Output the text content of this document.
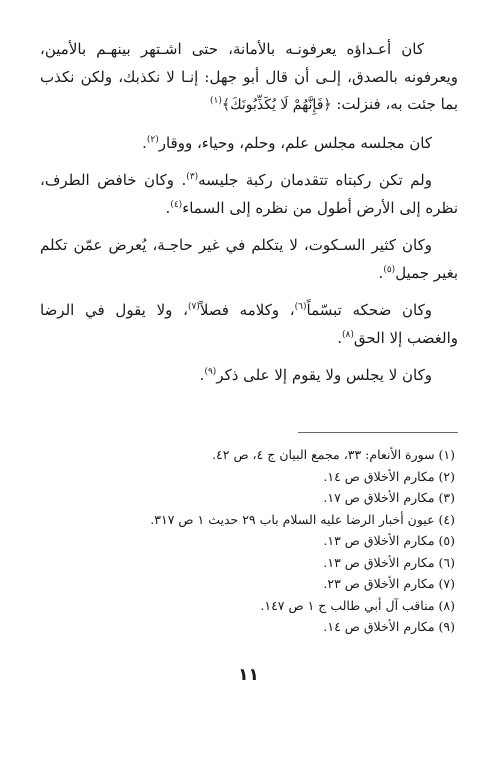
كان أعـداؤه يعرفونـه بالأمانة، حتى اشـتهر بينهـم بالأمين، ويعرفونه بالصدق، إلـى أن قال أبو جهل: إنـا لا نكذبك، ولكن نكذب بما جئت به، فنزلت: ﴿فَإِنَّهُمْ لَا يُكَذِّبُونَكَ﴾$^{(١)}$

كان مجلسه مجلس علم، وحلم، وحياء، ووقار$^{(٢)}$.

ولم تكن ركبتاه تتقدمان ركبة جليسه$^{(٣)}$. وكان خافض الطرف، نظره إلى الأرض أطول من نظره إلى السماء$^{(٤)}$.

وكان كثير السـكوت، لا يتكلم في غير حاجـة، يُعرض عمّن تكلم بغير جميل$^{(٥)}$.

وكان ضحكه تبسّماً$^{(٦)}$، وكلامه فصلاً$^{(٧)}$، ولا يقول في الرضا والغضب إلا الحق$^{(٨)}$.

وكان لا يجلس ولا يقوم إلا على ذكر$^{(٩)}$.

(١) سورة الأنعام: ٣٣، مجمع البيان ج ٤، ص ٤٢.
(٢) مكارم الأخلاق ص ١٤.
(٣) مكارم الأخلاق ص ١٧.
(٤) عيون أخبار الرضا عليه السلام باب ٢٩ حديث ١ ص ٣١٧.
(٥) مكارم الأخلاق ص ١٣.
(٦) مكارم الأخلاق ص ١٣.
(٧) مكارم الأخلاق ص ٢٣.
(٨) مناقب آل أبي طالب ج ١ ص ١٤٧.
(٩) مكارم الأخلاق ص ١٤.
١١
